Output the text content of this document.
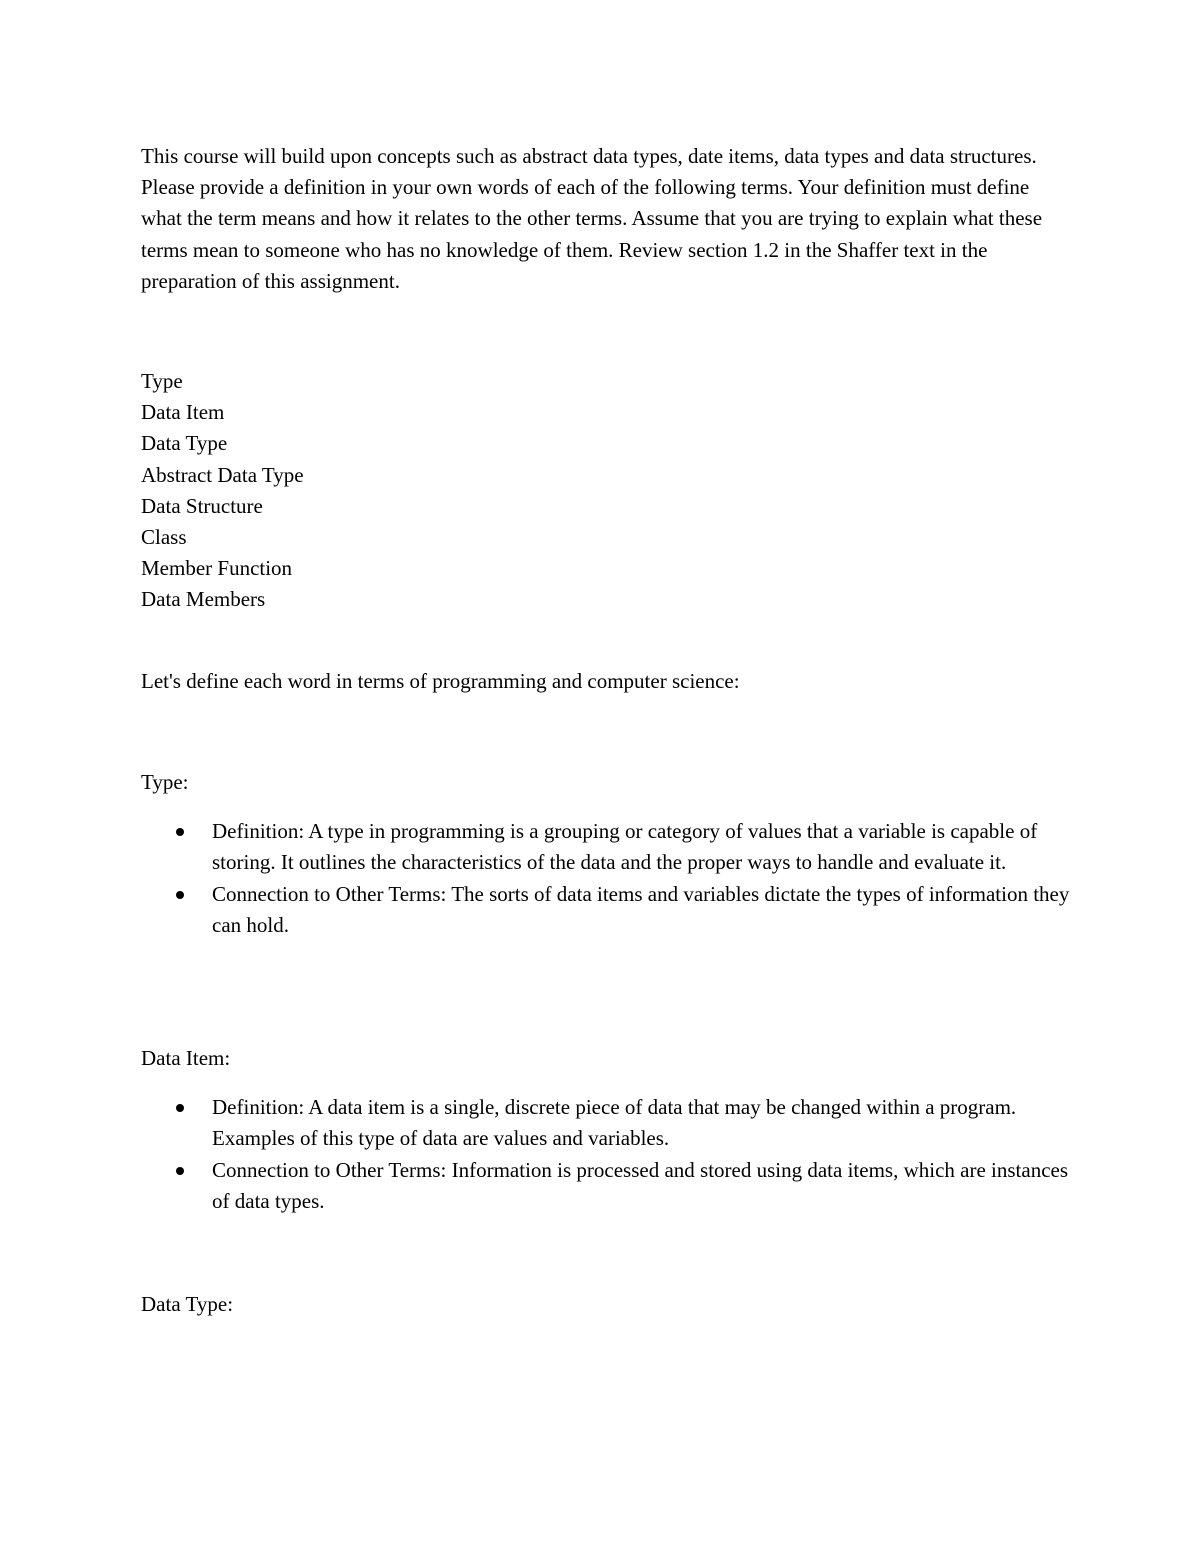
This course will build upon concepts such as abstract data types, date items, data types and data structures. Please provide a definition in your own words of each of the following terms. Your definition must define what the term means and how it relates to the other terms. Assume that you are trying to explain what these terms mean to someone who has no knowledge of them. Review section 1.2 in the Shaffer text in the preparation of this assignment.

Type
Data Item
Data Type
Abstract Data Type
Data Structure
Class
Member Function
Data Members

Let's define each word in terms of programming and computer science:

Type:
Definition: A type in programming is a grouping or category of values that a variable is capable of storing. It outlines the characteristics of the data and the proper ways to handle and evaluate it.
Connection to Other Terms: The sorts of data items and variables dictate the types of information they can hold.
Data Item:
Definition: A data item is a single, discrete piece of data that may be changed within a program. Examples of this type of data are values and variables.
Connection to Other Terms: Information is processed and stored using data items, which are instances of data types.
Data Type:
